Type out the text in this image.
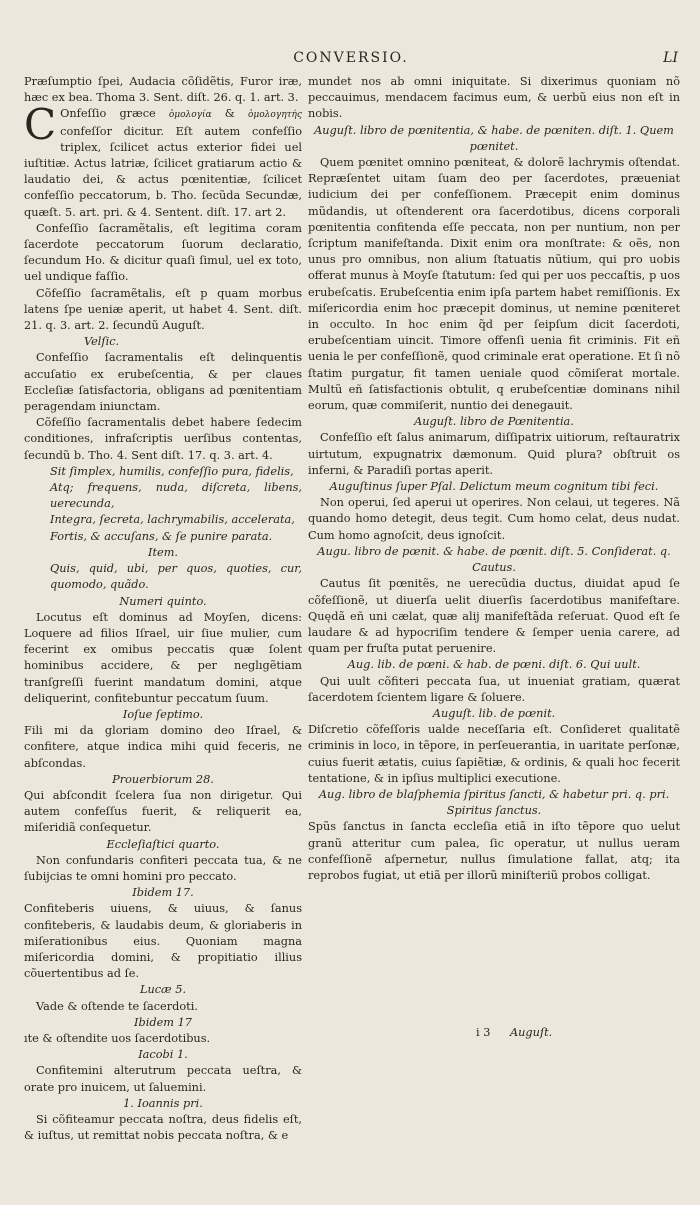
CONVERSIO.	LI

Præſumptio ſpei, Audacia cõſidẽtis, Furor iræ, hæc ex bea. Thoma 3. Sent. diſt. 26. q. 1. art. 3.

C Onfeſſio græce ὁμολογία & ὁμολογητής confeſſor dicitur. Eſt autem confeſſio triplex, ſcilicet actus exterior fidei uel iuſtitiæ. Actus latriæ, ſcilicet gratiarum actio & laudatio dei, & actus pœnitentiæ, ſcilicet confeſſio peccatorum, b. Tho. ſecũda Secundæ, quæſt. 5. art. pri. & 4. Sentent. diſt. 17. art 2.

Confeſſio ſacramẽtalis, eſt legitima coram ſacerdote peccatorum ſuorum declaratio, ſecundum Ho. & dicitur quaſi ſimul, uel ex toto, uel undique faſſio.

Cõfeſſio ſacramẽtalis, eſt p quam morbus latens ſpe ueniæ aperit, ut habet 4. Sent. diſt. 21. q. 3. art. 2. ſecundũ Auguſt.

Velſic.

Confeſſio ſacramentalis eſt delinquentis accuſatio ex erubeſcentia, & per claues Eccleſiæ ſatisfactoria, obligans ad pœnitentiam peragendam iniunctam.

Cõfeſſio ſacramentalis debet habere ſedecim conditiones, infraſcriptis uerſibus contentas, ſecundũ b. Tho. 4. Sent diſt. 17. q. 3. art. 4.

Sit ſimplex, humilis, confeſſio pura, fidelis,

Atq; frequens, nuda, diſcreta, libens, uerecunda,

Integra, ſecreta, lachrymabilis, accelerata,

Fortis, & accuſans, & ſe punire parata.

Item.

Quis, quid, ubi, per quos, quoties, cur, quomodo, quãdo.

Numeri quinto.

Locutus eſt dominus ad Moyſen, dicens: Loquere ad filios Iſrael, uir ſiue mulier, cum fecerint ex omibus peccatis quæ ſolent hominibus accidere, & per neglıgẽtiam tranſgreſſi fuerint mandatum domini, atque deliquerint, confitebuntur peccatum ſuum.

Ioſue ſeptimo.

Fili mi da gloriam domino deo Iſrael, & confitere, atque indica mihi quid feceris, ne abſcondas.

Prouerbiorum 28.

Qui abſcondit ſcelera ſua non dirigetur. Qui autem confeſſus fuerit, & reliquerit ea, miſeridiã conſequetur.

Eccleſiaſtici quarto.

Non confundaris confiteri peccata tua, & ne ſubijcias te omni homini pro peccato.

Ibidem 17.

Confiteberis uiuens, & uiuus, & ſanus confiteberis, & laudabis deum, & gloriaberis in miſerationibus eius. Quoniam magna miſericordia domini, & propitiatio illius cõuertentibus ad ſe.

Lucæ 5.

Vade & oſtende te ſacerdoti.

Ibidem 17

ıte & oſtendite uos ſacerdotibus.

Iacobi 1.

Confitemini alterutrum peccata ueſtra, & orate pro inuicem, ut ſaluemini.

1. Ioannis pri.

Si cõfiteamur peccata noſtra, deus fidelis eſt, & iuſtus, ut remittat nobis peccata noſtra, & e

mundet nos ab omni iniquitate. Si dixerimus quoniam nõ peccauimus, mendacem facimus eum, & uerbũ eius non eſt in nobis.

Auguſt. libro de pœnitentia, & habe. de pœniten. diſt. 1. Quem pœnitet.

Quem pœnitet omnino pœniteat, & dolorẽ lachrymis oſtendat. Repræſentet uitam ſuam deo per ſacerdotes, præueniat iudicium dei per confeſſionem. Præcepit enim dominus mũdandis, ut oſtenderent ora ſacerdotibus, dicens corporali pœnitentia confitenda eſſe peccata, non per nuntium, non per ſcriptum manifeſtanda. Dixit enim ora monſtrate: & oẽs, non unus pro omnibus, non alium ſtatuatis nũtium, qui pro uobis offerat munus à Moyſe ſtatutum: ſed qui per uos peccaſtis, p uos erubeſcatis. Erubeſcentia enim ipſa partem habet remiſſionis. Ex miſericordia enim hoc præcepit dominus, ut nemine pœniteret in occulto. In hoc enim q̃d per ſeipſum dicit ſacerdoti, erubeſcentiam uincit. Timore offenſi uenia fit criminis. Fit eñ uenia le per confeſſionẽ, quod criminale erat operatione. Et ſi nõ ſtatim purgatur, fit tamen ueniale quod cõmiſerat mortale. Multũ eñ ſatisfactionis obtulit, q erubeſcentiæ dominans nihil eorum, quæ commiſerit, nuntio dei denegauit.

Auguſt. libro de Pœnitentia.

Confeſſio eſt ſalus animarum, diſſipatrix uitiorum, reſtauratrix uirtutum, expugnatrix dæmonum. Quid plura? obſtruit os inferni, & Paradiſi portas aperit.

Auguſtinus ſuper Pſal. Delictum meum cognitum tibi feci.

Non operui, ſed aperui ut operires. Non celaui, ut tegeres. Nã quando homo detegit, deus tegit. Cum homo celat, deus nudat. Cum homo agnoſcit, deus ignoſcit.

Augu. libro de pœnit. & habe. de pœnit. diſt. 5. Conſiderat. q. Cautus.

Cautus ſit pœnitẽs, ne uerecũdia ductus, diuidat apud ſe cõfeſſionẽ, ut diuerſa uelit diuerſis ſacerdotibus manifeſtare. Quędã eñ uni cælat, quæ alij manifeſtãda reſeruat. Quod eſt ſe laudare & ad hypocriſim tendere & ſemper uenia carere, ad quam per fruſta putat peruenire.

Aug. lib. de pœni. & hab. de pœni. diſt. 6. Qui uult.

Qui uult cõfiteri peccata ſua, ut inueniat gratiam, quærat ſacerdotem ſcientem ligare & ſoluere.

Auguſt. lib. de pœnit.

Diſcretio cõfeſſoris ualde neceſſaria eſt. Conſideret qualitatẽ criminis in loco, in tẽpore, in perſeuerantia, in uaritate perſonæ, cuius fuerit ætatis, cuius ſapiẽtiæ, & ordinis, & quali hoc fecerit tentatione, & in ipſius multiplici executione.

Aug. libro de blaſphemia ſpiritus ſancti, & habetur pri. q. pri. Spiritus ſanctus.

Spũs ſanctus in ſancta eccleſia etiã in iſto tẽpore quo uelut granũ atteritur cum palea, ſic operatur, ut nullus ueram confeſſionẽ aſpernetur, nullus ſimulatione fallat, atq; ita reprobos fugiat, ut etiã per illorũ miniſteriũ probos colligat.

i 3 Auguſt.
